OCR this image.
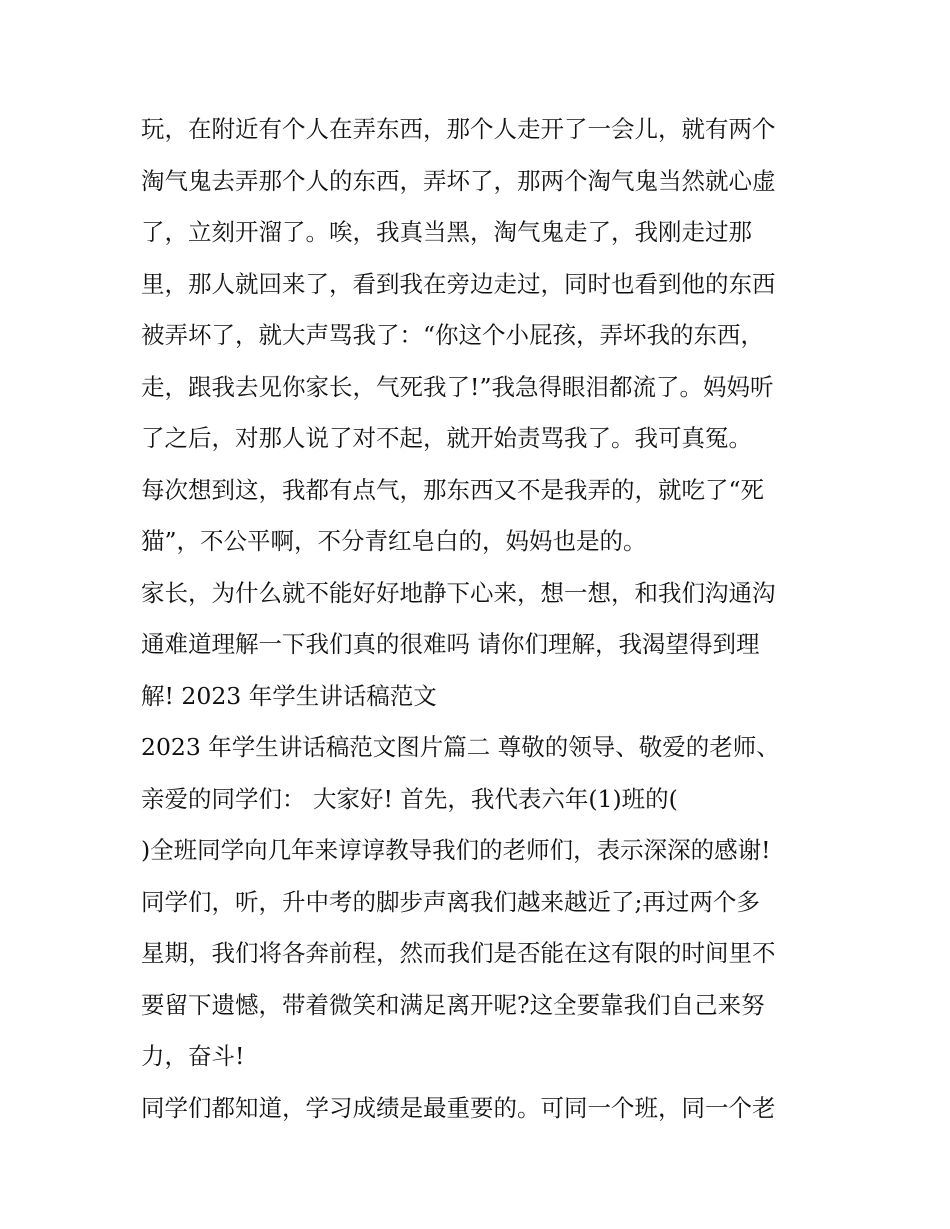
玩，在附近有个人在弄东西，那个人走开了一会儿，就有两个
淘气鬼去弄那个人的东西，弄坏了，那两个淘气鬼当然就心虚
了，立刻开溜了。唉，我真当黑，淘气鬼走了，我刚走过那
里，那人就回来了，看到我在旁边走过，同时也看到他的东西
被弄坏了，就大声骂我了：“你这个小屁孩，弄坏我的东西，
走，跟我去见你家长，气死我了!”我急得眼泪都流了。妈妈听
了之后，对那人说了对不起，就开始责骂我了。我可真冤。
每次想到这，我都有点气，那东西又不是我弄的，就吃了“死
猫”，不公平啊，不分青红皂白的，妈妈也是的。
家长，为什么就不能好好地静下心来，想一想，和我们沟通沟
通难道理解一下我们真的很难吗 请你们理解，我渴望得到理
解! 2023 年学生讲话稿范文
2023 年学生讲话稿范文图片篇二 尊敬的领导、敬爱的老师、
亲爱的同学们： 大家好! 首先，我代表六年(1)班的(
)全班同学向几年来谆谆教导我们的老师们，表示深深的感谢!
同学们，听，升中考的脚步声离我们越来越近了;再过两个多
星期，我们将各奔前程，然而我们是否能在这有限的时间里不
要留下遗憾，带着微笑和满足离开呢?这全要靠我们自己来努
力，奋斗!
同学们都知道，学习成绩是最重要的。可同一个班，同一个老
